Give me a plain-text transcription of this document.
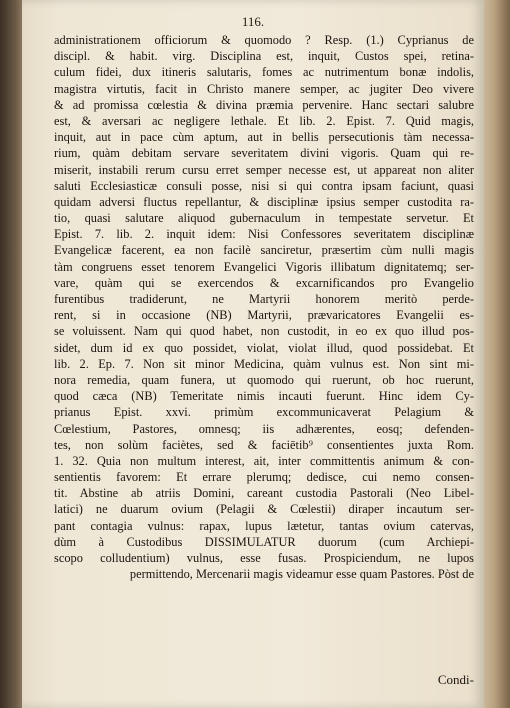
116.
administrationem officiorum & quomodo ? Resp. (1.) Cyprianus de
discipl. & habit. virg. Disciplina est, inquit, Custos spei, retina-
culum fidei, dux itineris salutaris, fomes ac nutrimentum bonæ indolis,
magistra virtutis, facit in Christo manere semper, ac jugiter Deo vivere
& ad promissa cœlestia & divina præmia pervenire. Hanc sectari salubre
est, & aversari ac negligere lethale. Et lib. 2. Epist. 7. Quid magis,
inquit, aut in pace cùm aptum, aut in bellis persecutionis tàm necessa-
rium, quàm debitam servare severitatem divini vigoris. Quam qui re-
miserit, instabili rerum cursu erret semper necesse est, ut appareat non aliter
saluti Ecclesiasticæ consuli posse, nisi si qui contra ipsam faciunt, quasi
quidam adversi fluctus repellantur, & disciplinæ ipsius semper custodita ra-
tio, quasi salutare aliquod gubernaculum in tempestate servetur. Et
Epist. 7. lib. 2. inquit idem: Nisi Confessores severitatem disciplinæ
Evangelicæ facerent, ea non facilè sanciretur, præsertim cùm nulli magis
tàm congruens esset tenorem Evangelici Vigoris illibatum dignitatemq; ser-
vare, quàm qui se exercendos & excarnificandos pro Evangelio
furentibus tradiderunt, ne Martyrii honorem meritò perde-
rent, si in occasione (NB) Martyrii, prævaricatores Evangelii es-
se voluissent. Nam qui quod habet, non custodit, in eo ex quo illud pos-
sidet, dum id ex quo possidet, violat, violat illud, quod possidebat. Et
lib. 2. Ep. 7. Non sit minor Medicina, quàm vulnus est. Non sint mi-
nora remedia, quam funera, ut quomodo qui ruerunt, ob hoc ruerunt,
quod cæca (NB) Temeritate nimis incauti fuerunt. Hinc idem Cy-
prianus Epist. xxvi. primùm excommunicaverat Pelagium &
Cœlestium, Pastores, omnesq; iis adhærentes, eosq; defenden-
tes, non solùm faciètes, sed & faciētib⁹ consentientes juxta Rom.
1. 32. Quia non multum interest, ait, inter committentis animum & con-
sentientis favorem: Et errare plerumq; dedisce, cui nemo consen-
tit. Abstine ab atriis Domini, careant custodia Pastorali (Neo Libel-
latici) ne duarum ovium (Pelagii & Cœlestii) diraper incautum ser-
pant contagia vulnus: rapax, lupus lætetur, tantas ovium catervas,
dùm à Custodibus DISSIMULATUR duorum (cum Archiepi-
scopo colludentium) vulnus, esse fusas. Prospiciendum, ne lupos
permittendo, Mercenarii magis videamur esse quam Pastores. Pòst de
Condi-
